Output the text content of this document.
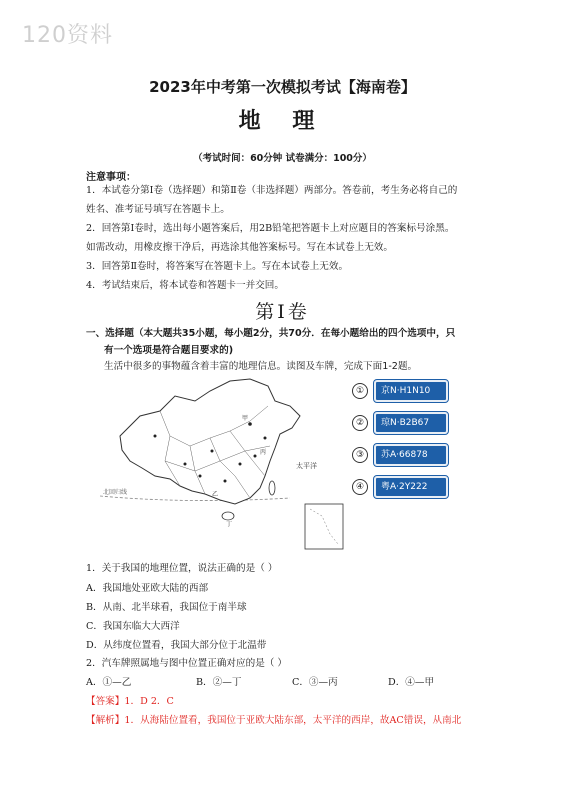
120资料
2023年中考第一次模拟考试【海南卷】
地 理
（考试时间：60分钟 试卷满分：100分）
注意事项：
1．本试卷分第Ⅰ卷（选择题）和第Ⅱ卷（非选择题）两部分。答卷前，考生务必将自己的
姓名、准考证号填写在答题卡上。
2．回答第Ⅰ卷时，选出每小题答案后，用2B铅笔把答题卡上对应题目的答案标号涂黑。
如需改动，用橡皮擦干净后，再选涂其他答案标号。写在本试卷上无效。
3．回答第Ⅱ卷时，将答案写在答题卡上。写在本试卷上无效。
4．考试结束后，将本试卷和答题卡一并交回。
第Ⅰ卷
一、选择题（本大题共35小题，每小题2分，共70分．在每小题给出的四个选项中，只
有一个选项是符合题目要求的)
生活中很多的事物蕴含着丰富的地理信息。读图及车牌，完成下面1-2题。
太平洋
北回归线
甲
乙
丙
丁
①	京N·H1N10
②	琼N·B2B67
③	苏A·66878
④	粤A·2Y222
1．关于我国的地理位置，说法正确的是（ ）
A．我国地处亚欧大陆的西部
B．从南、北半球看，我国位于南半球
C．我国东临大大西洋
D．从纬度位置看，我国大部分位于北温带
2．汽车牌照属地与图中位置正确对应的是（ ）
A．①—乙	B．②—丁	C．③—丙	D．④—甲
【答案】1．D 2．C
【解析】1．从海陆位置看，我国位于亚欧大陆东部，太平洋的西岸，故AC错误，从南北
